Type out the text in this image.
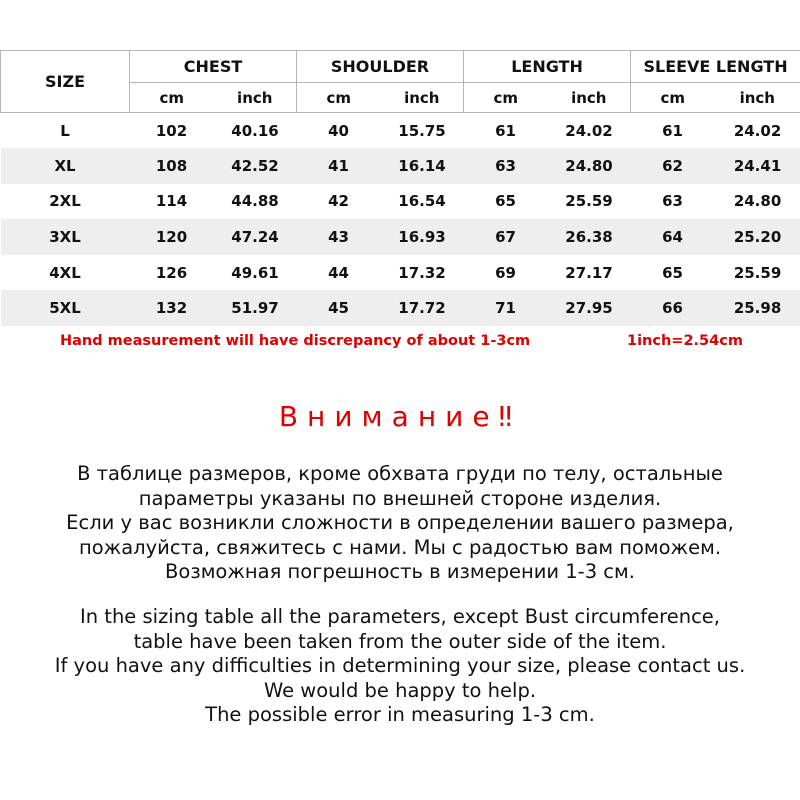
SIZE	CHEST		SHOULDER		LENGTH		SLEEVE LENGTH	
	cm	inch	cm	inch	cm	inch	cm	inch
L	102	40.16	40	15.75	61	24.02	61	24.02
XL	108	42.52	41	16.14	63	24.80	62	24.41
2XL	114	44.88	42	16.54	65	25.59	63	24.80
3XL	120	47.24	43	16.93	67	26.38	64	25.20
4XL	126	49.61	44	17.32	69	27.17	65	25.59
5XL	132	51.97	45	17.72	71	27.95	66	25.98
Hand measurement will have discrepancy of about 1-3cm	1inch=2.54cm
Внимание‼
В таблице размеров, кроме обхвата груди по телу, остальные
параметры указаны по внешней стороне изделия.
Если у вас возникли сложности в определении вашего размера,
пожалуйста, свяжитесь с нами. Мы с радостью вам поможем.
Возможная погрешность в измерении 1-3 см.
In the sizing table all the parameters, except Bust circumference,
table have been taken from the outer side of the item.
If you have any difficulties in determining your size, please contact us.
We would be happy to help.
The possible error in measuring 1-3 cm.
